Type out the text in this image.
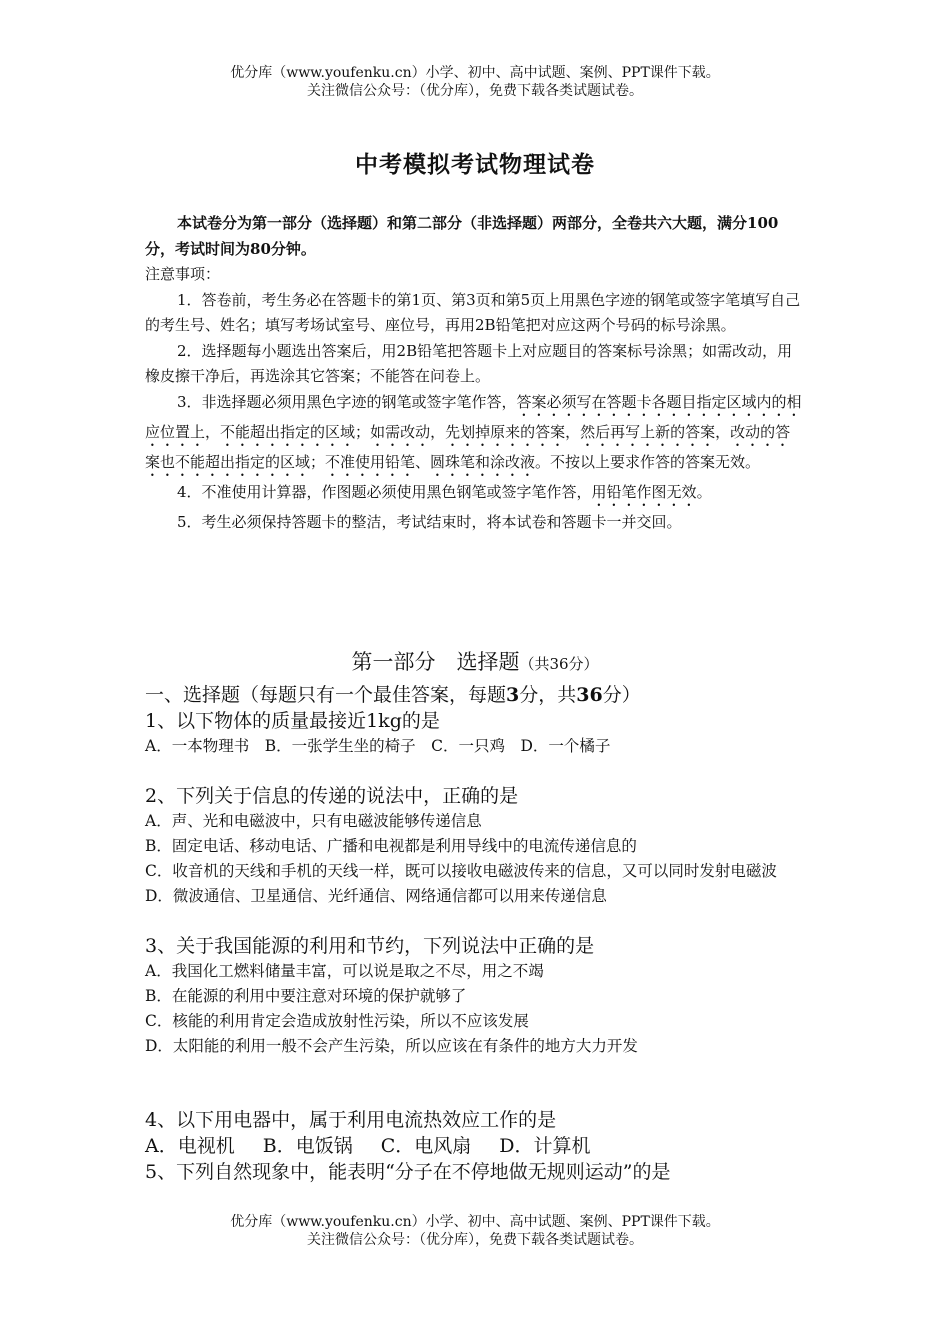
优分库（www.youfenku.cn）小学、初中、高中试题、案例、PPT课件下载。
关注微信公众号：（优分库），免费下载各类试题试卷。
中考模拟考试物理试卷

本试卷分为第一部分（选择题）和第二部分（非选择题）两部分，全卷共六大题，满分100分，考试时间为80分钟。

注意事项：

1．答卷前，考生务必在答题卡的第1页、第3页和第5页上用黑色字迹的钢笔或签字笔填写自己的考生号、姓名；填写考场试室号、座位号，再用2B铅笔把对应这两个号码的标号涂黑。

2．选择题每小题选出答案后，用2B铅笔把答题卡上对应题目的答案标号涂黑；如需改动，用橡皮擦干净后，再选涂其它答案；不能答在问卷上。

3．非选择题必须用黑色字迹的钢笔或签字笔作答，答案必须写在答题卡各题目指定区域内的相应位置上，不能超出指定的区域；如需改动，先划掉原来的答案，然后再写上新的答案，改动的答案也不能超出指定的区域；不准使用铅笔、圆珠笔和涂改液。不按以上要求作答的答案无效。

4．不准使用计算器，作图题必须使用黑色钢笔或签字笔作答，用铅笔作图无效。

5．考生必须保持答题卡的整洁，考试结束时，将本试卷和答题卡一并交回。

第一部分　选择题（共36分）

一、选择题（每题只有一个最佳答案，每题3分，共36分）

1、以下物体的质量最接近1kg的是

A．一本物理书　B．一张学生坐的椅子　C．一只鸡　D．一个橘子

2、下列关于信息的传递的说法中，正确的是

A．声、光和电磁波中，只有电磁波能够传递信息

B．固定电话、移动电话、广播和电视都是利用导线中的电流传递信息的

C．收音机的天线和手机的天线一样，既可以接收电磁波传来的信息，又可以同时发射电磁波

D．微波通信、卫星通信、光纤通信、网络通信都可以用来传递信息

3、关于我国能源的利用和节约，下列说法中正确的是

A．我国化工燃料储量丰富，可以说是取之不尽，用之不竭

B．在能源的利用中要注意对环境的保护就够了

C．核能的利用肯定会造成放射性污染，所以不应该发展

D．太阳能的利用一般不会产生污染，所以应该在有条件的地方大力开发

4、以下用电器中，属于利用电流热效应工作的是

A．电视机 B．电饭锅 C．电风扇 D．计算机

5、下列自然现象中，能表明“分子在不停地做无规则运动”的是

优分库（www.youfenku.cn）小学、初中、高中试题、案例、PPT课件下载。
关注微信公众号：（优分库），免费下载各类试题试卷。
